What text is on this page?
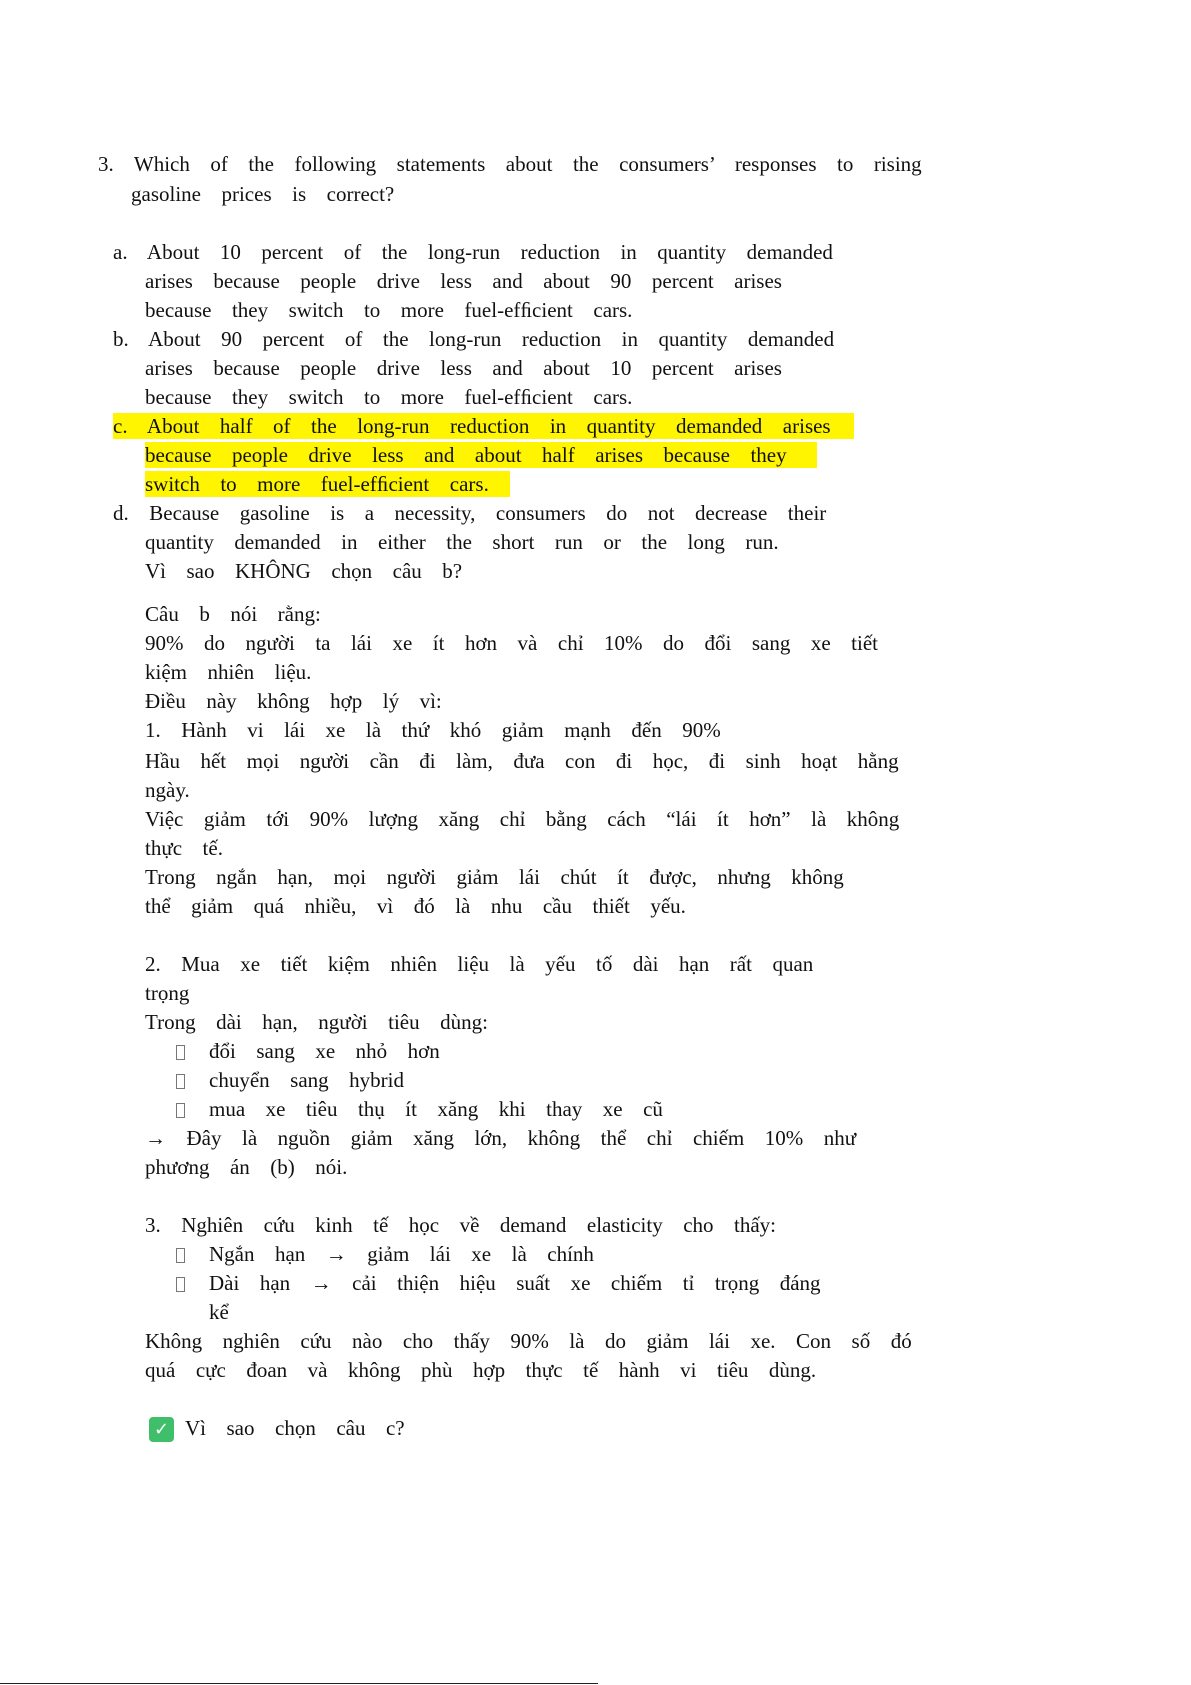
3.  Which  of  the  following  statements  about  the  consumers’  responses  to  rising
gasoline  prices  is  correct?
a.  About  10  percent  of  the  long-run  reduction  in  quantity  demanded
arises  because  people  drive  less  and  about  90  percent  arises
because  they  switch  to  more  fuel-efﬁcient  cars.
b.  About  90  percent  of  the  long-run  reduction  in  quantity  demanded
arises  because  people  drive  less  and  about  10  percent  arises
because  they  switch  to  more  fuel-efﬁcient  cars.
c.  About  half  of  the  long-run  reduction  in  quantity  demanded  arises
because  people  drive  less  and  about  half  arises  because  they
switch  to  more  fuel-efﬁcient  cars.
d.  Because  gasoline  is  a  necessity,  consumers  do  not  decrease  their
quantity  demanded  in  either  the  short  run  or  the  long  run.
Vì  sao  KHÔNG  chọn  câu  b?
Câu  b  nói  rằng:
90%  do  người  ta  lái  xe  ít  hơn  và  chỉ  10%  do  đổi  sang  xe  tiết
kiệm  nhiên  liệu.
Điều  này  không  hợp  lý  vì:
1.  Hành  vi  lái  xe  là  thứ  khó  giảm  mạnh  đến  90%
Hầu  hết  mọi  người  cần  đi  làm,  đưa  con  đi  học,  đi  sinh  hoạt  hằng
ngày.
Việc  giảm  tới  90%  lượng  xăng  chỉ  bằng  cách  “lái  ít  hơn”  là  không
thực  tế.
Trong  ngắn  hạn,  mọi  người  giảm  lái  chút  ít  được,  nhưng  không
thể  giảm  quá  nhiều,  vì  đó  là  nhu  cầu  thiết  yếu.
2.  Mua  xe  tiết  kiệm  nhiên  liệu  là  yếu  tố  dài  hạn  rất  quan
trọng
Trong  dài  hạn,  người  tiêu  dùng:
đổi  sang  xe  nhỏ  hơn
chuyển  sang  hybrid
mua  xe  tiêu  thụ  ít  xăng  khi  thay  xe  cũ
→  Đây  là  nguồn  giảm  xăng  lớn,  không  thể  chỉ  chiếm  10%  như
phương  án  (b)  nói.
3.  Nghiên  cứu  kinh  tế  học  về  demand  elasticity  cho  thấy:
Ngắn  hạn  →  giảm  lái  xe  là  chính
Dài  hạn  →  cải  thiện  hiệu  suất  xe  chiếm  tỉ  trọng  đáng
kể
Không  nghiên  cứu  nào  cho  thấy  90%  là  do  giảm  lái  xe.  Con  số  đó
quá  cực  đoan  và  không  phù  hợp  thực  tế  hành  vi  tiêu  dùng.
✓ Vì  sao  chọn  câu  c?
